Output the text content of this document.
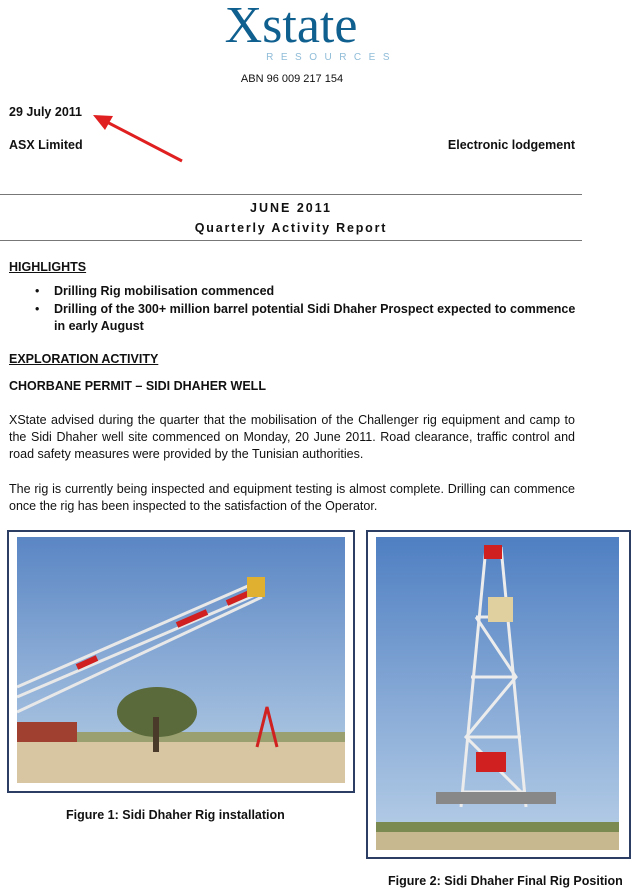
Xstate
RESOURCES
ABN 96 009 217 154
29 July 2011
ASX Limited	Electronic lodgement
JUNE 2011
Quarterly Activity Report
HIGHLIGHTS
• Drilling Rig mobilisation commenced
• Drilling of the 300+ million barrel potential Sidi Dhaher Prospect expected to commence in early August
EXPLORATION ACTIVITY
CHORBANE PERMIT – SIDI DHAHER WELL
XState advised during the quarter that the mobilisation of the Challenger rig equipment and camp to the Sidi Dhaher well site commenced on Monday, 20 June 2011. Road clearance, traffic control and road safety measures were provided by the Tunisian authorities.
The rig is currently being inspected and equipment testing is almost complete. Drilling can commence once the rig has been inspected to the satisfaction of the Operator.
Figure 1: Sidi Dhaher Rig installation
Figure 2: Sidi Dhaher Final Rig Position
